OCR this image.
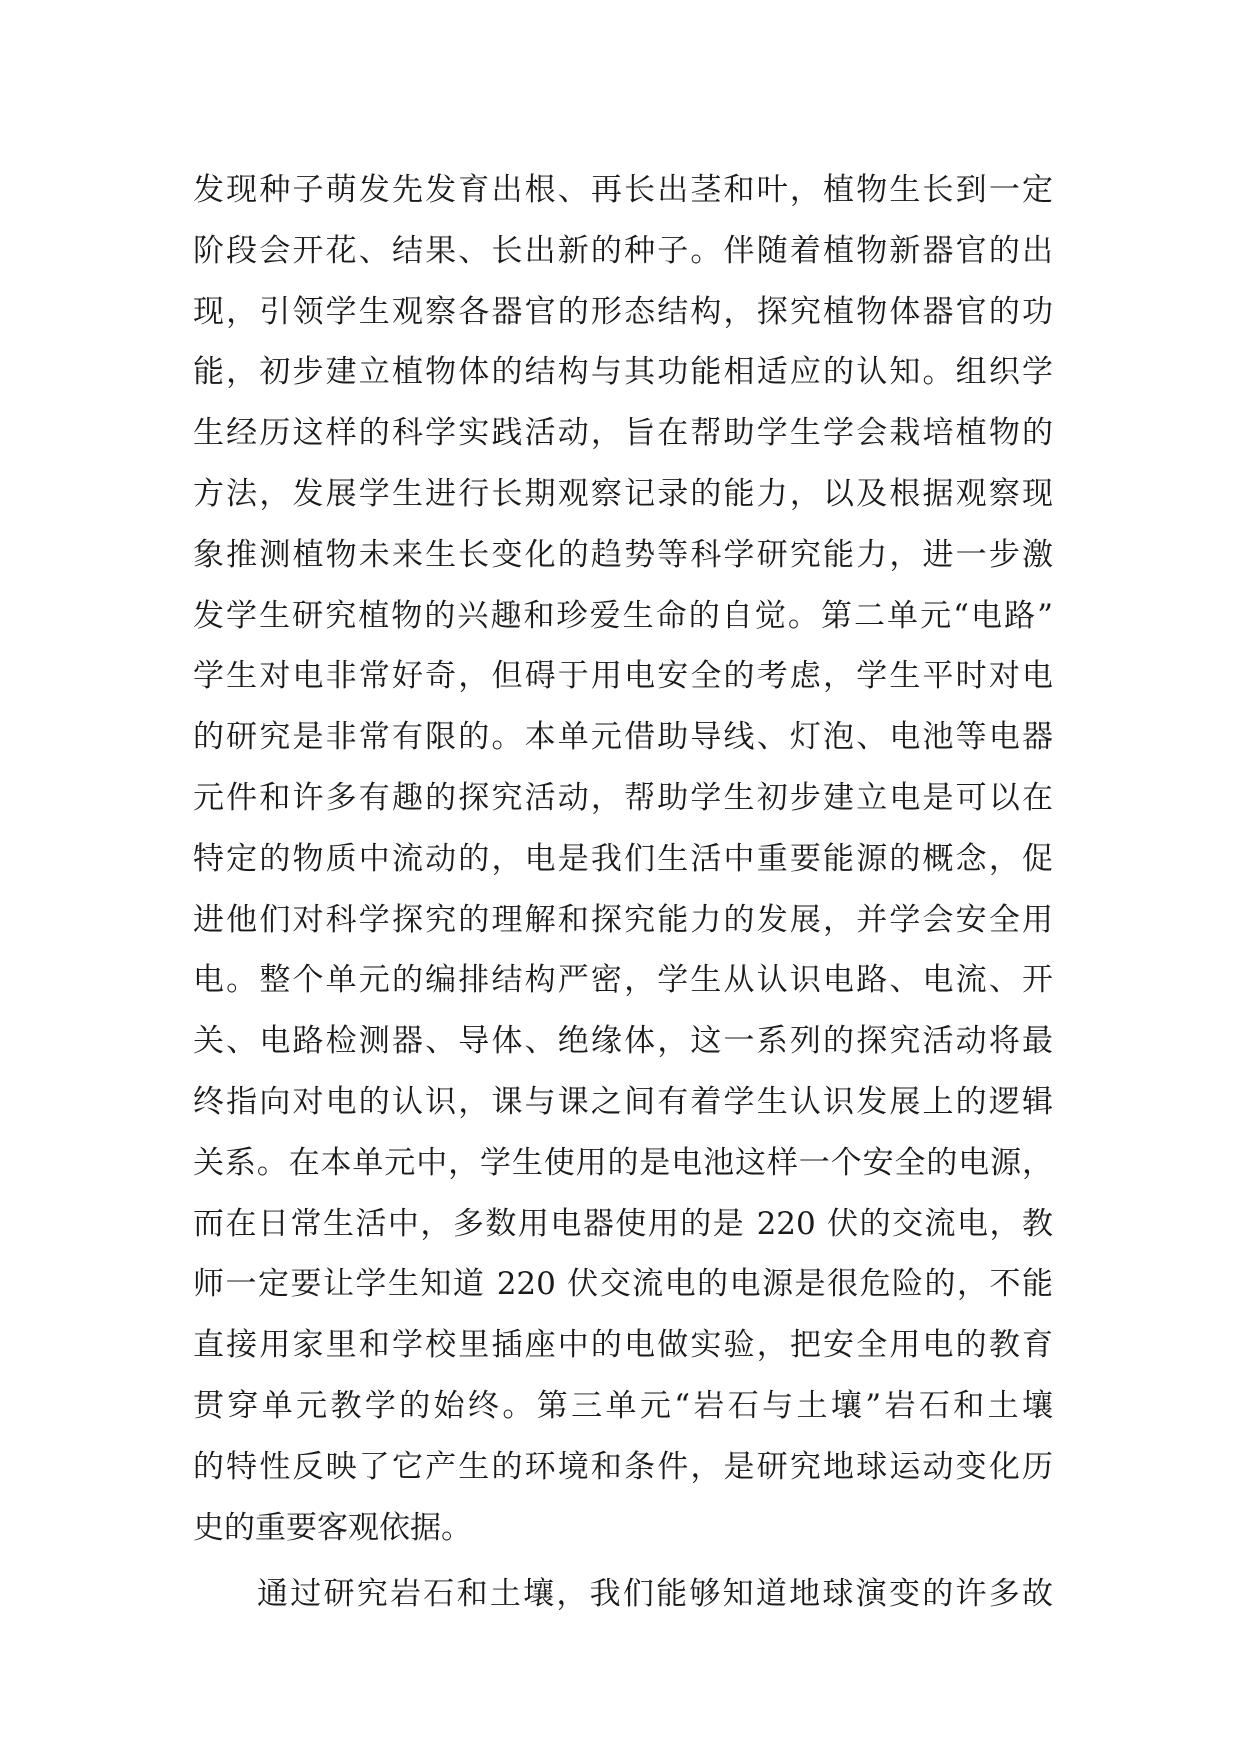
发现种子萌发先发育出根、再长出茎和叶，植物生长到一定
阶段会开花、结果、长出新的种子。伴随着植物新器官的出
现，引领学生观察各器官的形态结构，探究植物体器官的功
能，初步建立植物体的结构与其功能相适应的认知。组织学
生经历这样的科学实践活动，旨在帮助学生学会栽培植物的
方法，发展学生进行长期观察记录的能力，以及根据观察现
象推测植物未来生长变化的趋势等科学研究能力，进一步激
发学生研究植物的兴趣和珍爱生命的自觉。第二单元“电路”
学生对电非常好奇，但碍于用电安全的考虑，学生平时对电
的研究是非常有限的。本单元借助导线、灯泡、电池等电器
元件和许多有趣的探究活动，帮助学生初步建立电是可以在
特定的物质中流动的，电是我们生活中重要能源的概念，促
进他们对科学探究的理解和探究能力的发展，并学会安全用
电。整个单元的编排结构严密，学生从认识电路、电流、开
关、电路检测器、导体、绝缘体，这一系列的探究活动将最
终指向对电的认识，课与课之间有着学生认识发展上的逻辑
关系。在本单元中，学生使用的是电池这样一个安全的电源，
而在日常生活中，多数用电器使用的是 220 伏的交流电，教
师一定要让学生知道 220 伏交流电的电源是很危险的，不能
直接用家里和学校里插座中的电做实验，把安全用电的教育
贯穿单元教学的始终。第三单元“岩石与土壤”岩石和土壤
的特性反映了它产生的环境和条件，是研究地球运动变化历
史的重要客观依据。
通过研究岩石和土壤，我们能够知道地球演变的许多故
